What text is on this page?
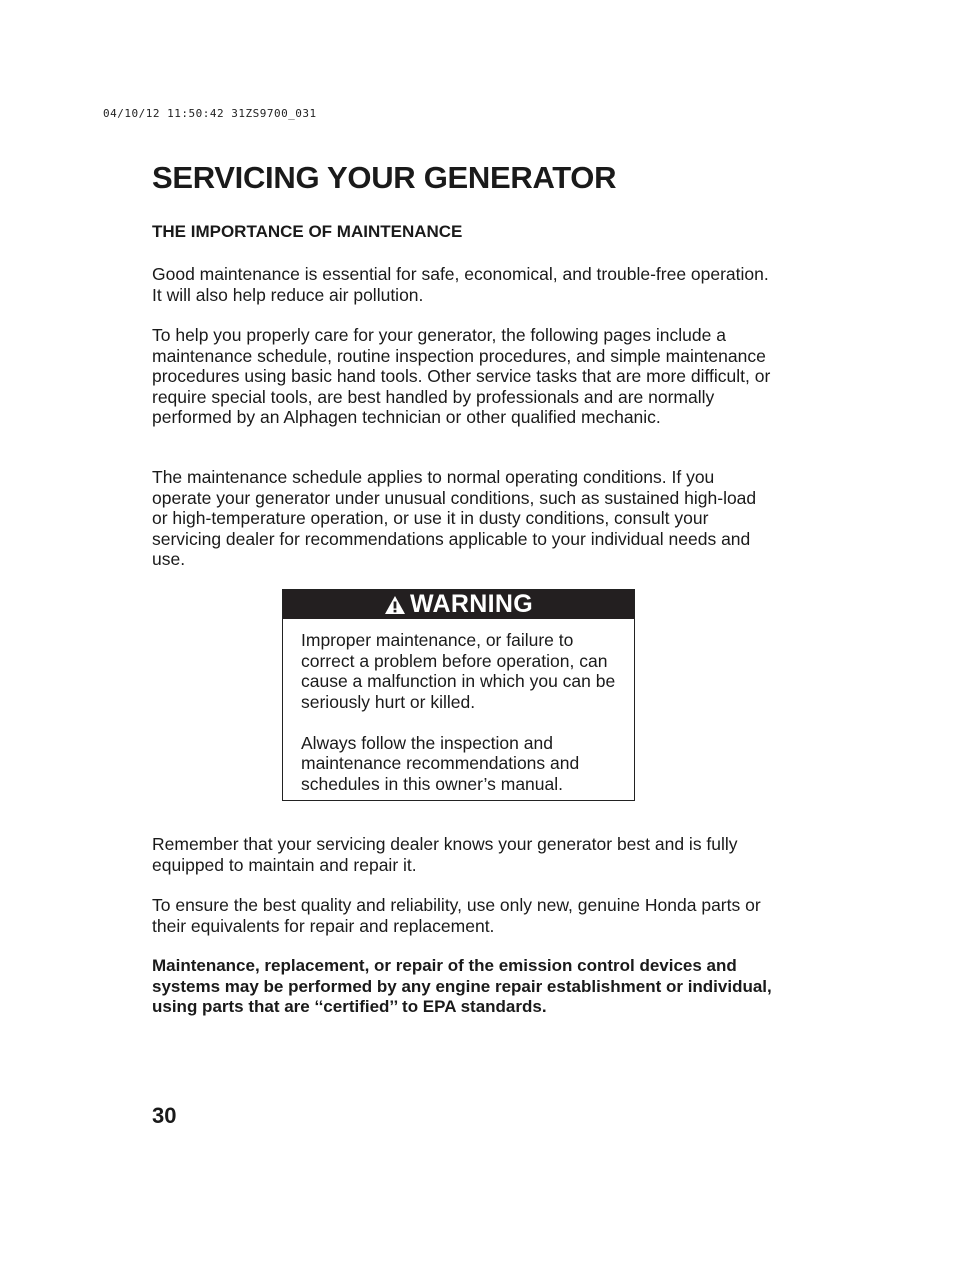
04/10/12 11:50:42 31ZS9700_031
SERVICING YOUR GENERATOR
THE IMPORTANCE OF MAINTENANCE

Good maintenance is essential for safe, economical, and trouble-free operation. It will also help reduce air pollution.

To help you properly care for your generator, the following pages include a maintenance schedule, routine inspection procedures, and simple maintenance procedures using basic hand tools. Other service tasks that are more difficult, or require special tools, are best handled by professionals and are normally performed by an Alphagen technician or other qualified mechanic.

The maintenance schedule applies to normal operating conditions. If you operate your generator under unusual conditions, such as sustained high-load or high-temperature operation, or use it in dusty conditions, consult your servicing dealer for recommendations applicable to your individual needs and use.

WARNING

Improper maintenance, or failure to correct a problem before operation, can cause a malfunction in which you can be seriously hurt or killed.

Always follow the inspection and maintenance recommendations and schedules in this owner’s manual.

Remember that your servicing dealer knows your generator best and is fully equipped to maintain and repair it.

To ensure the best quality and reliability, use only new, genuine Honda parts or their equivalents for repair and replacement.

Maintenance, replacement, or repair of the emission control devices and systems may be performed by any engine repair establishment or individual, using parts that are ‘‘certified’’ to EPA standards.

30
